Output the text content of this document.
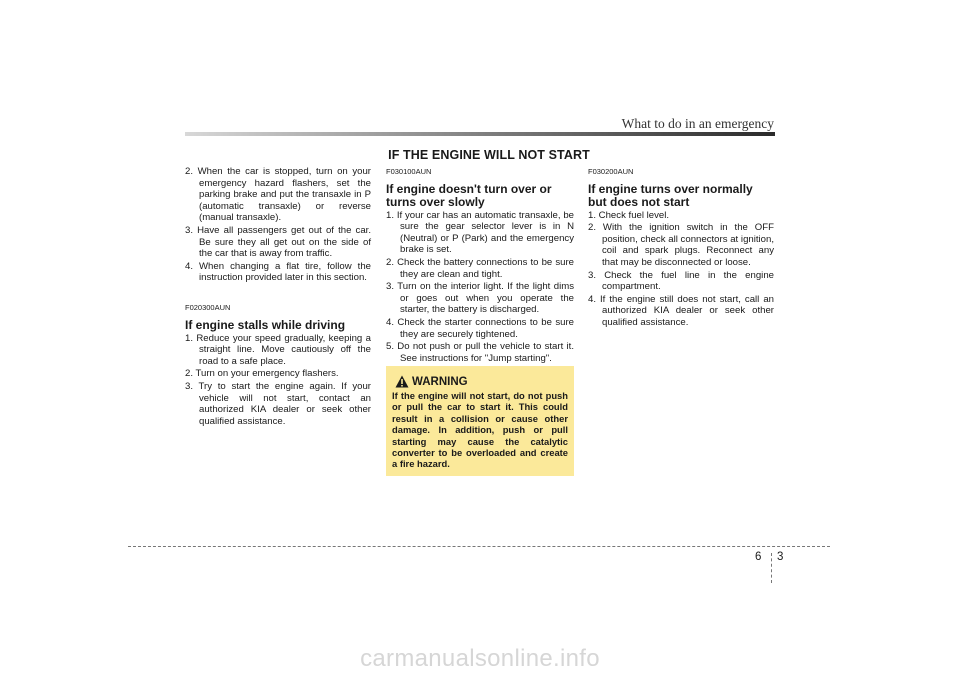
What to do in an emergency
IF THE ENGINE WILL NOT START
2. When the car is stopped, turn on your emergency hazard flashers, set the parking brake and put the transaxle in P (automatic transaxle) or reverse (manual transaxle).
3. Have all passengers get out of the car. Be sure they all get out on the side of the car that is away from traffic.
4. When changing a flat tire, follow the instruction provided later in this section.
F020300AUN
If engine stalls while driving
1. Reduce your speed gradually, keeping a straight line. Move cautiously off the road to a safe place.
2. Turn on your emergency flashers.
3. Try to start the engine again. If your vehicle will not start, contact an authorized KIA dealer or seek other qualified assistance.
F030100AUN
If engine doesn't turn over or turns over slowly
1. If your car has an automatic transaxle, be sure the gear selector lever is in N (Neutral) or P (Park) and the emergency brake is set.
2. Check the battery connections to be sure they are clean and tight.
3. Turn on the interior light. If the light dims or goes out when you operate the starter, the battery is discharged.
4. Check the starter connections to be sure they are securely tightened.
5. Do not push or pull the vehicle to start it. See instructions for "Jump starting".
WARNING
If the engine will not start, do not push or pull the car to start it. This could result in a collision or cause other damage. In addition, push or pull starting may cause the catalytic converter to be overloaded and create a fire hazard.
F030200AUN
If engine turns over normally but does not start
1. Check fuel level.
2. With the ignition switch in the OFF position, check all connectors at ignition, coil and spark plugs. Reconnect any that may be disconnected or loose.
3. Check the fuel line in the engine compartment.
4. If the engine still does not start, call an authorized KIA dealer or seek other qualified assistance.
6 3
carmanualsonline.info
